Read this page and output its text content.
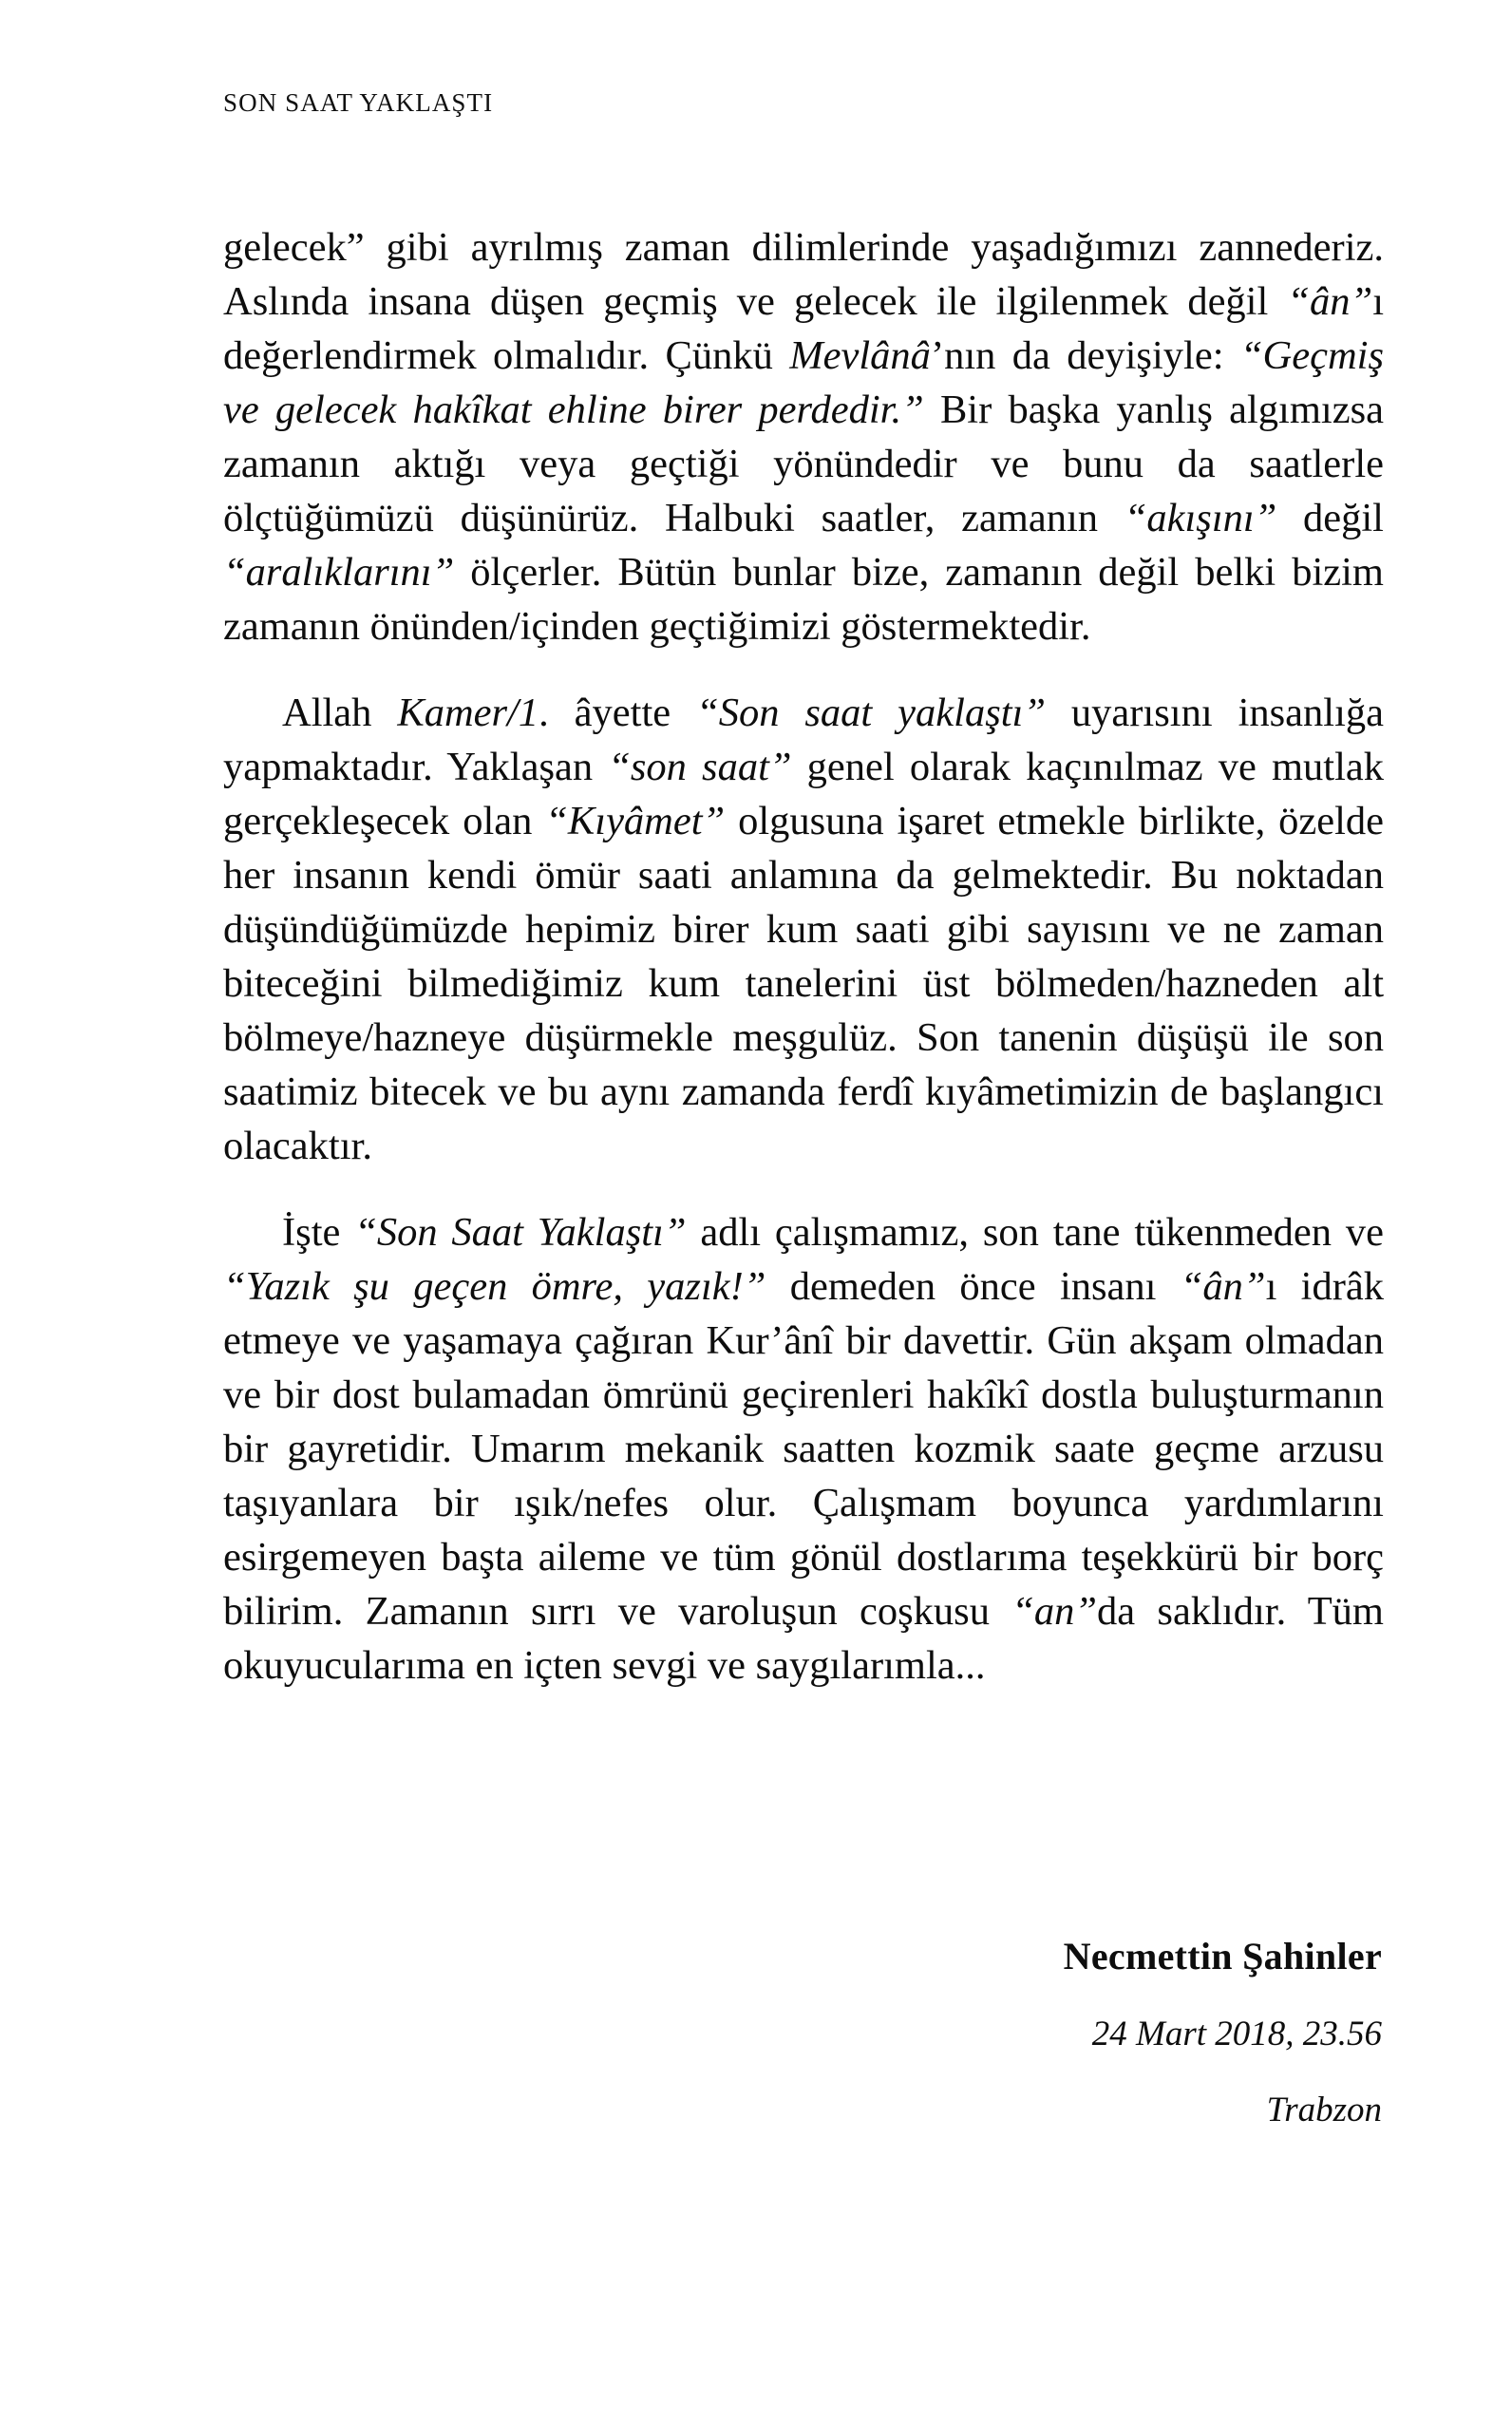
SON SAAT YAKLAŞTI

gelecek” gibi ayrılmış zaman dilimlerinde yaşadığımızı zannederiz. Aslında insana düşen geçmiş ve gelecek ile ilgilenmek değil “ân”ı değerlendirmek olmalıdır. Çünkü Mevlânâ’nın da deyişiyle: “Geçmiş ve gelecek hakîkat ehline birer perdedir.” Bir başka yanlış algımızsa zamanın aktığı veya geçtiği yönündedir ve bunu da saatlerle ölçtüğümüzü düşünürüz. Halbuki saatler, zamanın “akışını” değil “aralıklarını” ölçerler. Bütün bunlar bize, zamanın değil belki bizim zamanın önünden/içinden geçtiğimizi göstermektedir.

Allah Kamer/1. âyette “Son saat yaklaştı” uyarısını insanlığa yapmaktadır. Yaklaşan “son saat” genel olarak kaçınılmaz ve mutlak gerçekleşecek olan “Kıyâmet” olgusuna işaret etmekle birlikte, özelde her insanın kendi ömür saati anlamına da gelmektedir. Bu noktadan düşündüğümüzde hepimiz birer kum saati gibi sayısını ve ne zaman biteceğini bilmediğimiz kum tanelerini üst bölmeden/hazneden alt bölmeye/hazneye düşürmekle meşgulüz. Son tanenin düşüşü ile son saatimiz bitecek ve bu aynı zamanda ferdî kıyâmetimizin de başlangıcı olacaktır.

İşte “Son Saat Yaklaştı” adlı çalışmamız, son tane tükenmeden ve “Yazık şu geçen ömre, yazık!” demeden önce insanı “ân”ı idrâk etmeye ve yaşamaya çağıran Kur’ânî bir davettir. Gün akşam olmadan ve bir dost bulamadan ömrünü geçirenleri hakîkî dostla buluşturmanın bir gayretidir. Umarım mekanik saatten kozmik saate geçme arzusu taşıyanlara bir ışık/nefes olur. Çalışmam boyunca yardımlarını esirgemeyen başta aileme ve tüm gönül dostlarıma teşekkürü bir borç bilirim. Zamanın sırrı ve varoluşun coşkusu “an”da saklıdır. Tüm okuyucularıma en içten sevgi ve saygılarımla...

Necmettin Şahinler
24 Mart 2018, 23.56
Trabzon
